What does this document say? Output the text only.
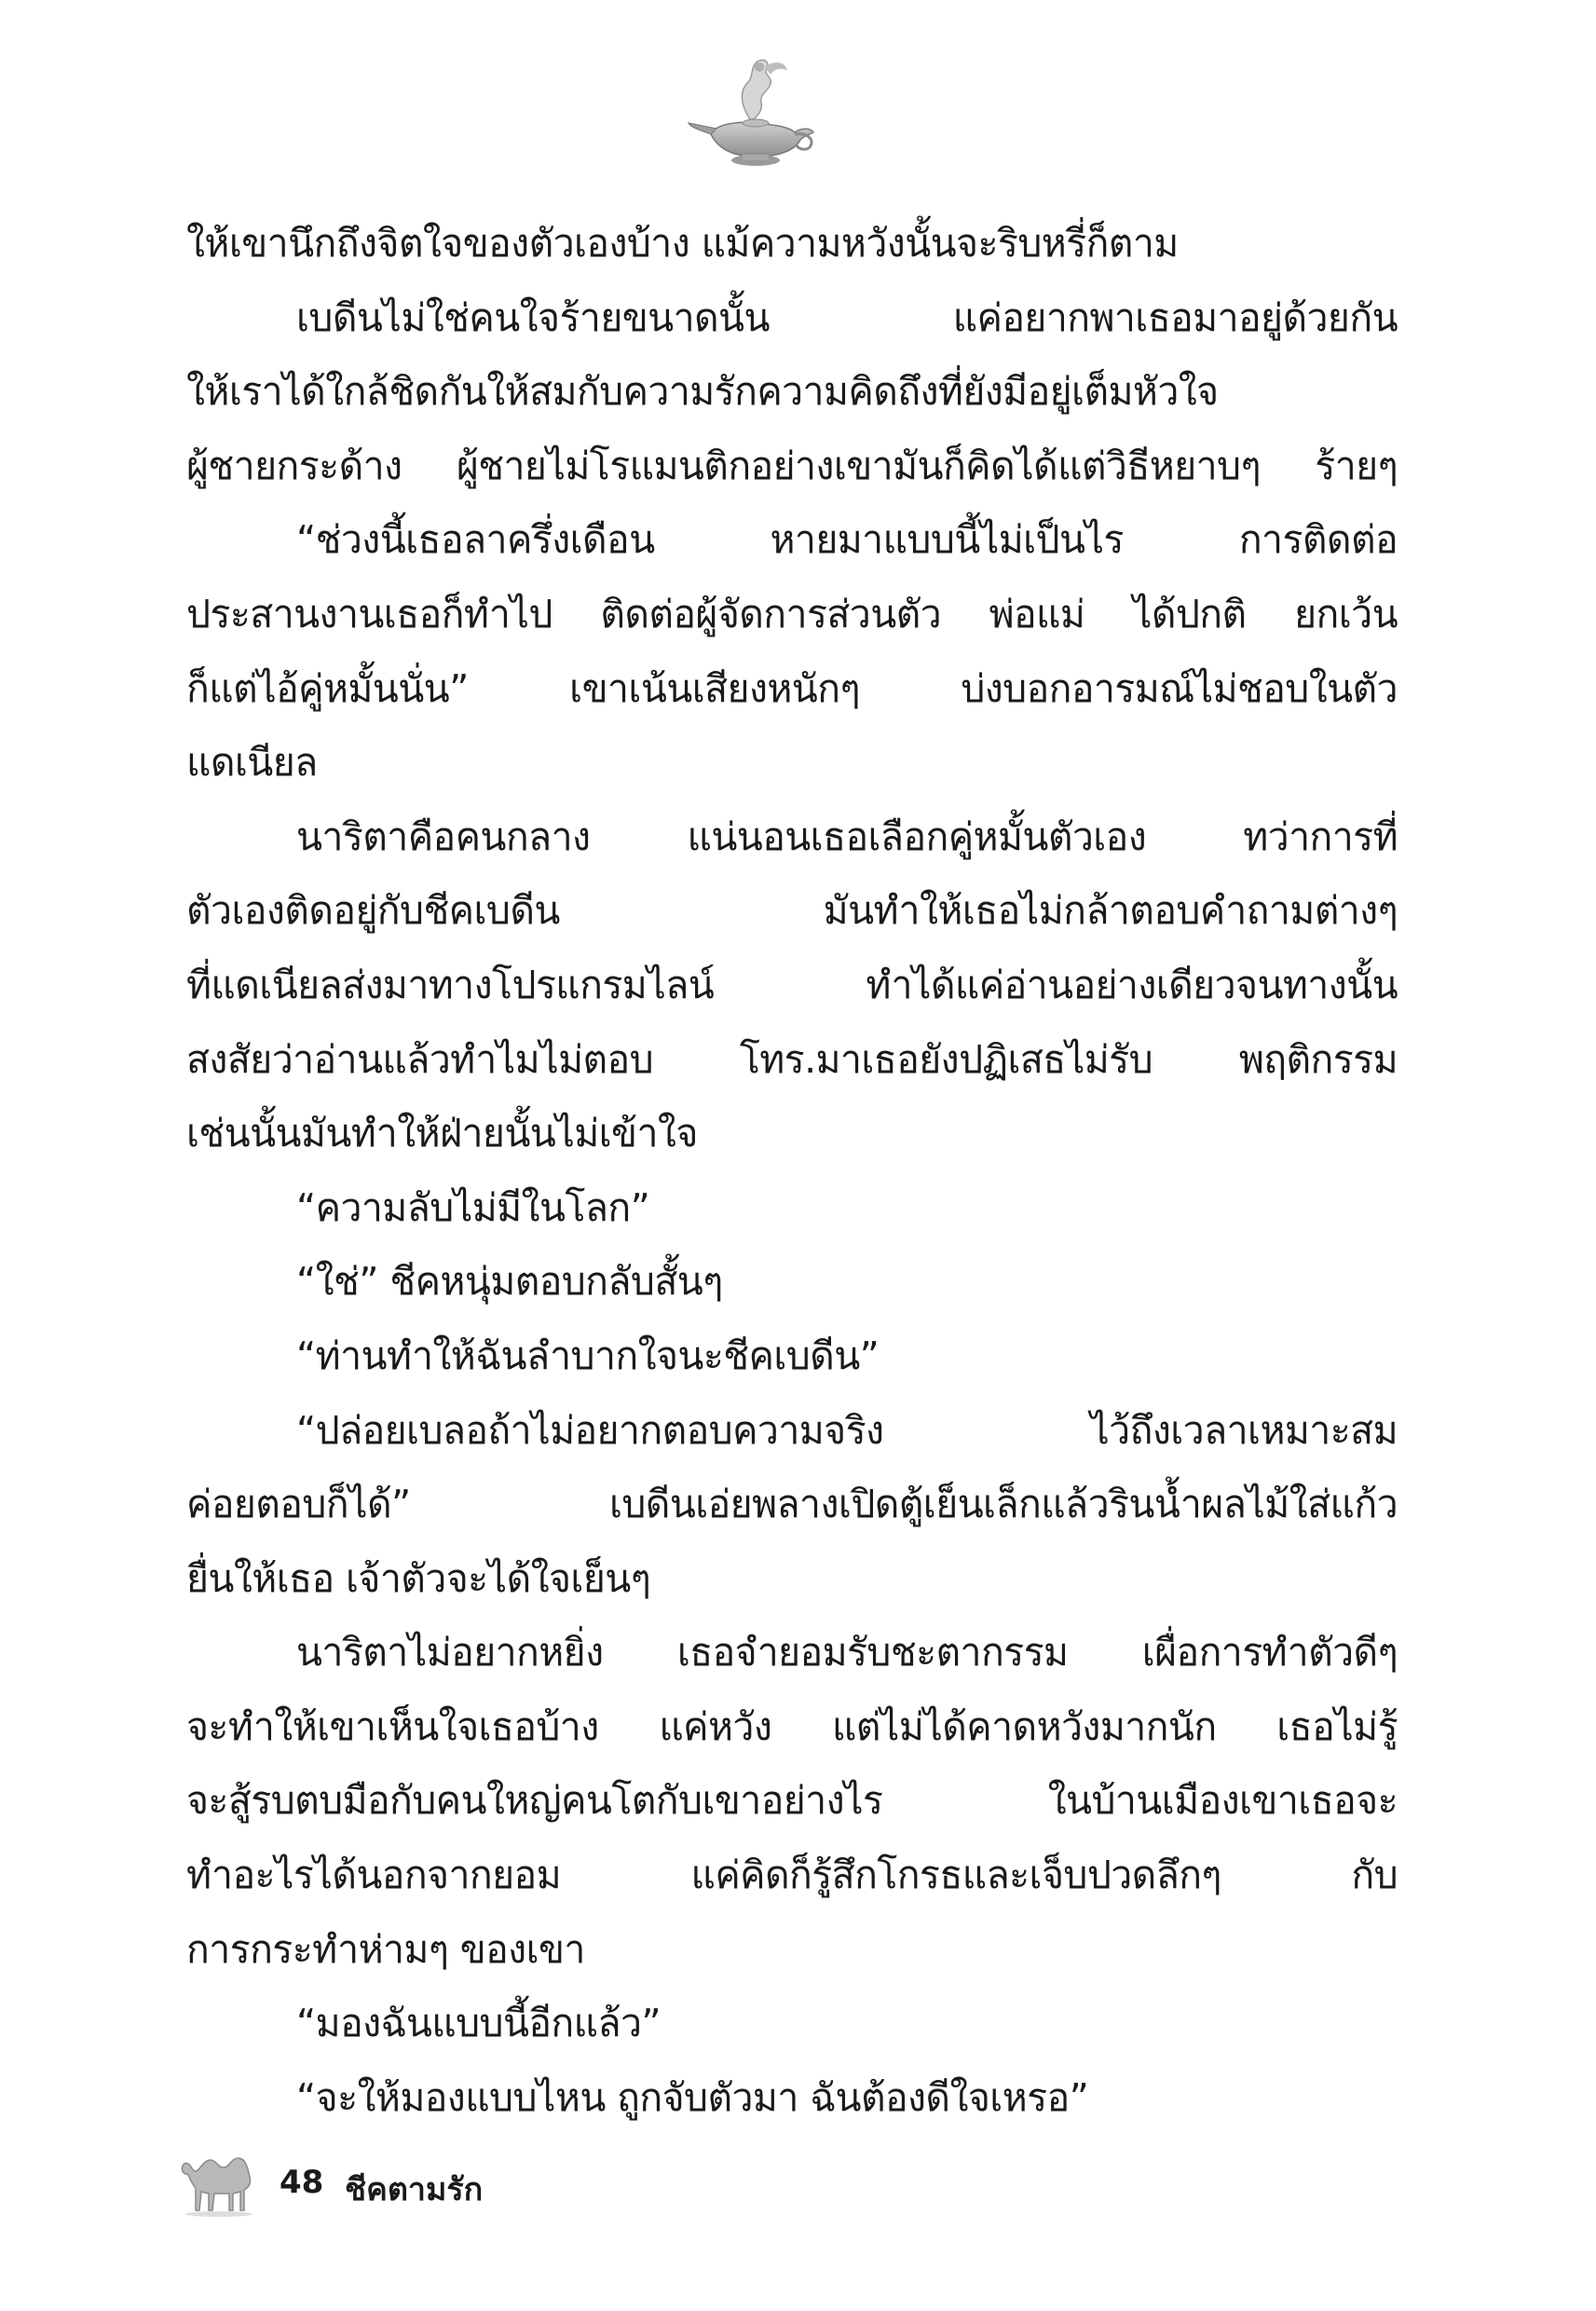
ให้เขานึกถึงจิตใจของตัวเองบ้าง แม้ความหวังนั้นจะริบหรี่ก็ตาม
เบดีนไม่ใช่คนใจร้ายขนาดนั้น แค่อยากพาเธอมาอยู่ด้วยกัน
ให้เราได้ใกล้ชิดกันให้สมกับความรักความคิดถึงที่ยังมีอยู่เต็มหัวใจ
ผู้ชายกระด้าง ผู้ชายไม่โรแมนติกอย่างเขามันก็คิดได้แต่วิธีหยาบๆ ร้ายๆ
“ช่วงนี้เธอลาครึ่งเดือน หายมาแบบนี้ไม่เป็นไร การติดต่อ
ประสานงานเธอก็ทำไป ติดต่อผู้จัดการส่วนตัว พ่อแม่ ได้ปกติ ยกเว้น
ก็แต่ไอ้คู่หมั้นนั่น” เขาเน้นเสียงหนักๆ บ่งบอกอารมณ์ไม่ชอบในตัว
แดเนียล
นาริตาคือคนกลาง แน่นอนเธอเลือกคู่หมั้นตัวเอง ทว่าการที่
ตัวเองติดอยู่กับชีคเบดีน มันทำให้เธอไม่กล้าตอบคำถามต่างๆ
ที่แดเนียลส่งมาทางโปรแกรมไลน์ ทำได้แค่อ่านอย่างเดียวจนทางนั้น
สงสัยว่าอ่านแล้วทำไมไม่ตอบ โทร.มาเธอยังปฏิเสธไม่รับ พฤติกรรม
เช่นนั้นมันทำให้ฝ่ายนั้นไม่เข้าใจ
“ความลับไม่มีในโลก”
“ใช่” ชีคหนุ่มตอบกลับสั้นๆ
“ท่านทำให้ฉันลำบากใจนะชีคเบดีน”
“ปล่อยเบลอถ้าไม่อยากตอบความจริง ไว้ถึงเวลาเหมาะสม
ค่อยตอบก็ได้” เบดีนเอ่ยพลางเปิดตู้เย็นเล็กแล้วรินน้ำผลไม้ใส่แก้ว
ยื่นให้เธอ เจ้าตัวจะได้ใจเย็นๆ
นาริตาไม่อยากหยิ่ง เธอจำยอมรับชะตากรรม เผื่อการทำตัวดีๆ
จะทำให้เขาเห็นใจเธอบ้าง แค่หวัง แต่ไม่ได้คาดหวังมากนัก เธอไม่รู้
จะสู้รบตบมือกับคนใหญ่คนโตกับเขาอย่างไร ในบ้านเมืองเขาเธอจะ
ทำอะไรได้นอกจากยอม แค่คิดก็รู้สึกโกรธและเจ็บปวดลึกๆ กับ
การกระทำห่ามๆ ของเขา
“มองฉันแบบนี้อีกแล้ว”
“จะให้มองแบบไหน ถูกจับตัวมา ฉันต้องดีใจเหรอ”
48 ชีคตามรัก
